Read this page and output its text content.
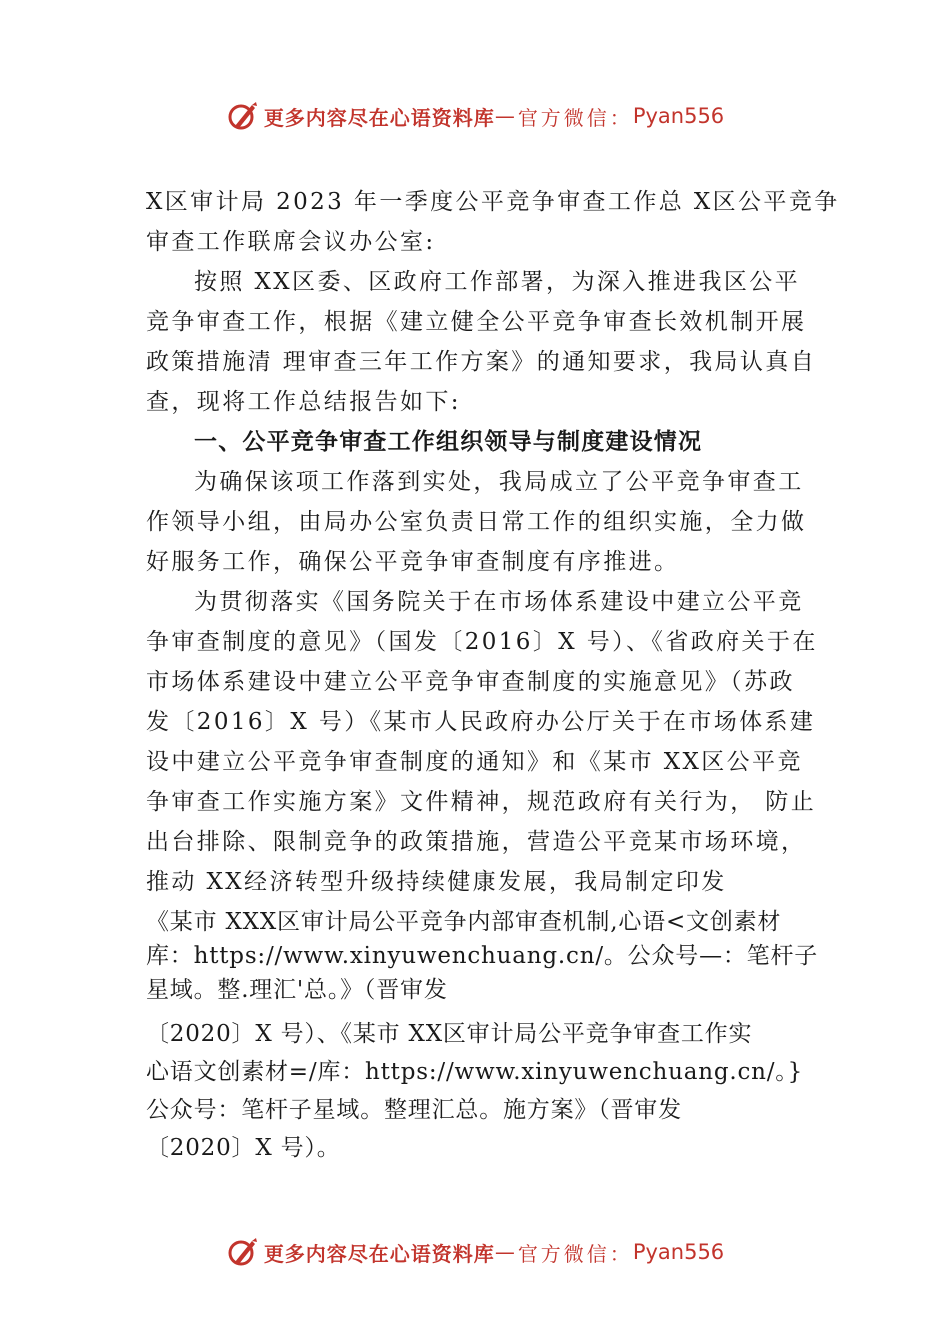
更多内容尽在心语资料库 — 官方微信： Pyan556
X区审计局 2023 年一季度公平竞争审查工作总 X区公平竞争
审查工作联席会议办公室:
按照 XX区委、区政府工作部署，为深入推进我区公平
竞争审查工作，根据《建立健全公平竞争审查长效机制开展
政策措施清 理审查三年工作方案》的通知要求，我局认真自
查，现将工作总结报告如下:
一、公平竞争审查工作组织领导与制度建设情况
为确保该项工作落到实处，我局成立了公平竞争审查工
作领导小组，由局办公室负责日常工作的组织实施，全力做
好服务工作，确保公平竞争审查制度有序推进。
为贯彻落实《国务院关于在市场体系建设中建立公平竞
争审查制度的意见》（国发〔2016〕X 号）、《省政府关于在
市场体系建设中建立公平竞争审查制度的实施意见》（苏政
发〔2016〕X 号）《某市人民政府办公厅关于在市场体系建
设中建立公平竞争审查制度的通知》和《某市 XX区公平竞
争审查工作实施方案》文件精神，规范政府有关行为， 防止
出台排除、限制竞争的政策措施，营造公平竞某市场环境，
推动 XX经济转型升级持续健康发展，我局制定印发
《某市 XXX区审计局公平竞争内部审查机制,心语<文创素材
库：https://www.xinyuwenchuang.cn/。公众号—：笔杆子
星域。整.理汇'总。》（晋审发
〔2020〕X 号）、《某市 XX区审计局公平竞争审查工作实
心语文创素材=/库：https://www.xinyuwenchuang.cn/。}
公众号：笔杆子星域。整理汇总。施方案》（晋审发
〔2020〕X 号）。
更多内容尽在心语资料库 — 官方微信： Pyan556
